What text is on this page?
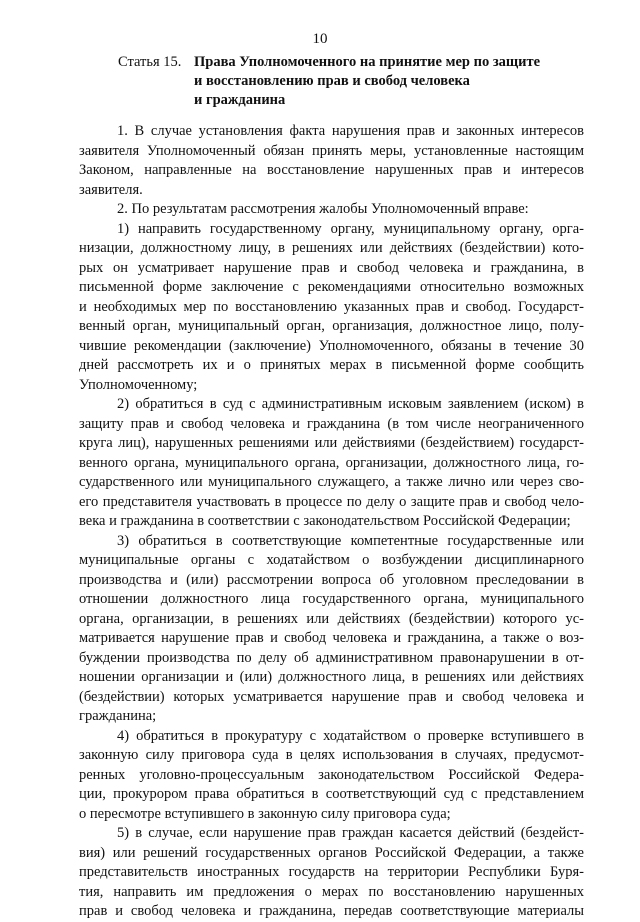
10
Статья 15. Права Уполномоченного на принятие мер по защите
и восстановлению прав и свобод человека
и гражданина
1. В случае установления факта нарушения прав и законных интересов
заявителя Уполномоченный обязан принять меры, установленные настоящим
Законом, направленные на восстановление нарушенных прав и интересов
заявителя.
2. По результатам рассмотрения жалобы Уполномоченный вправе:
1) направить государственному органу, муниципальному органу, орга-
низации, должностному лицу, в решениях или действиях (бездействии) кото-
рых он усматривает нарушение прав и свобод человека и гражданина, в
письменной форме заключение с рекомендациями относительно возможных
и необходимых мер по восстановлению указанных прав и свобод. Государст-
венный орган, муниципальный орган, организация, должностное лицо, полу-
чившие рекомендации (заключение) Уполномоченного, обязаны в течение 30
дней рассмотреть их и о принятых мерах в письменной форме сообщить
Уполномоченному;
2) обратиться в суд с административным исковым заявлением (иском) в
защиту прав и свобод человека и гражданина (в том числе неограниченного
круга лиц), нарушенных решениями или действиями (бездействием) государст-
венного органа, муниципального органа, организации, должностного лица, го-
сударственного или муниципального служащего, а также лично или через сво-
его представителя участвовать в процессе по делу о защите прав и свобод чело-
века и гражданина в соответствии с законодательством Российской Федерации;
3) обратиться в соответствующие компетентные государственные или
муниципальные органы с ходатайством о возбуждении дисциплинарного
производства и (или) рассмотрении вопроса об уголовном преследовании в
отношении должностного лица государственного органа, муниципального
органа, организации, в решениях или действиях (бездействии) которого ус-
матривается нарушение прав и свобод человека и гражданина, а также о воз-
буждении производства по делу об административном правонарушении в от-
ношении организации и (или) должностного лица, в решениях или действиях
(бездействии) которых усматривается нарушение прав и свобод человека и
гражданина;
4) обратиться в прокуратуру с ходатайством о проверке вступившего в
законную силу приговора суда в целях использования в случаях, предусмот-
ренных уголовно-процессуальным законодательством Российской Федера-
ции, прокурором права обратиться в соответствующий суд с представлением
о пересмотре вступившего в законную силу приговора суда;
5) в случае, если нарушение прав граждан касается действий (бездейст-
вия) или решений государственных органов Российской Федерации, а также
представительств иностранных государств на территории Республики Буря-
тия, направить им предложения о мерах по восстановлению нарушенных
прав и свобод человека и гражданина, передав соответствующие материалы
